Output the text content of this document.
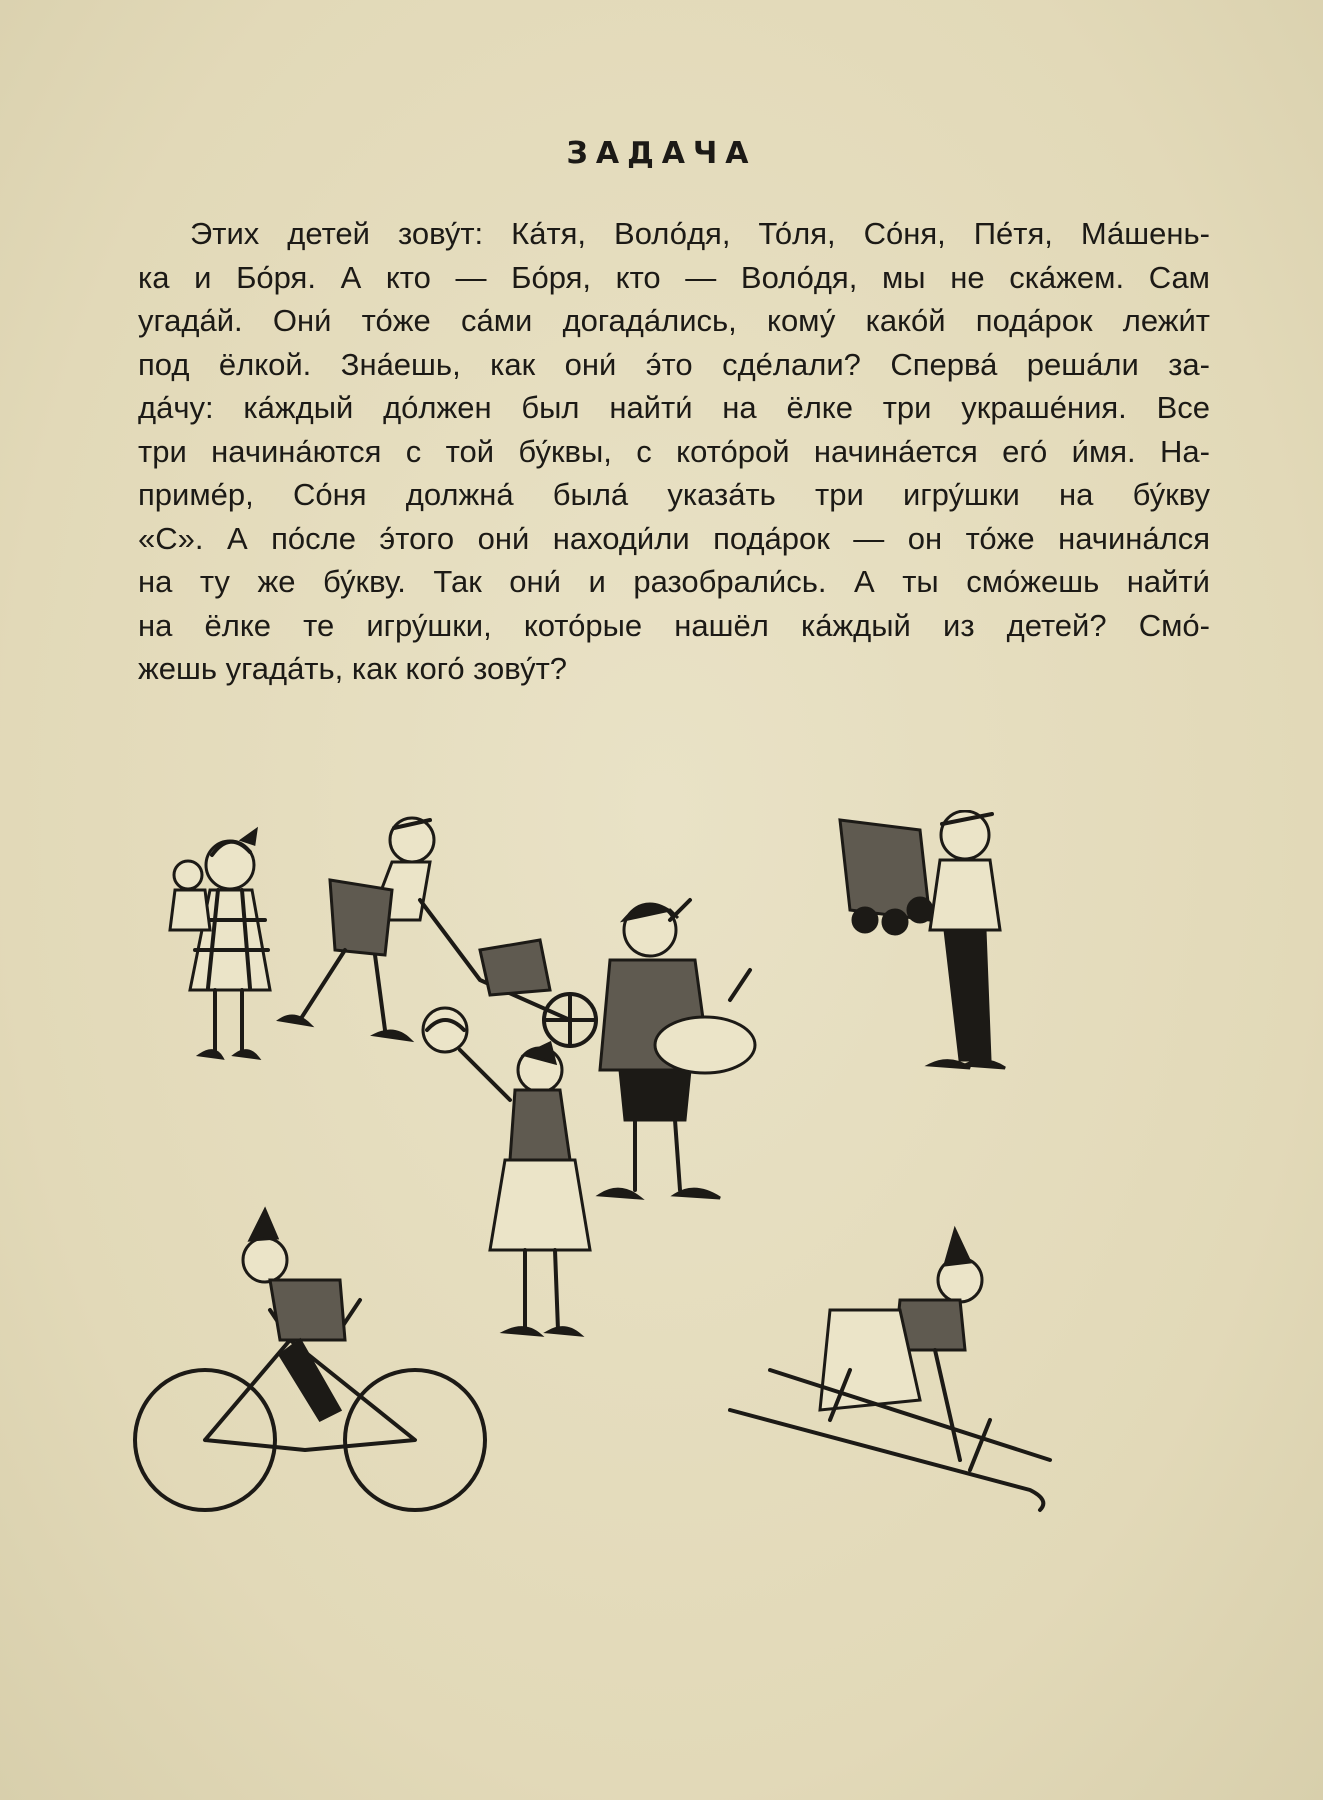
ЗАДАЧА
Этих детей зову́т: Ка́тя, Воло́дя, То́ля, Со́ня, Пе́тя, Ма́шень-
ка и Бо́ря. А кто — Бо́ря, кто — Воло́дя, мы не ска́жем. Сам
угада́й. Они́ то́же са́ми догада́лись, кому́ како́й пода́рок лежи́т
под ёлкой. Зна́ешь, как они́ э́то сде́лали? Сперва́ реша́ли за-
да́чу: ка́ждый до́лжен был найти́ на ёлке три украше́ния. Все
три начина́ются с той бу́квы, с кото́рой начина́ется его́ и́мя. На-
приме́р, Со́ня должна́ была́ указа́ть три игру́шки на бу́кву
«С». А по́сле э́того они́ находи́ли пода́рок — он то́же начина́лся
на ту же бу́кву. Так они́ и разобрали́сь. А ты смо́жешь найти́
на ёлке те игру́шки, кото́рые нашёл ка́ждый из детей? Смо́-
жешь угада́ть, как кого́ зову́т?
